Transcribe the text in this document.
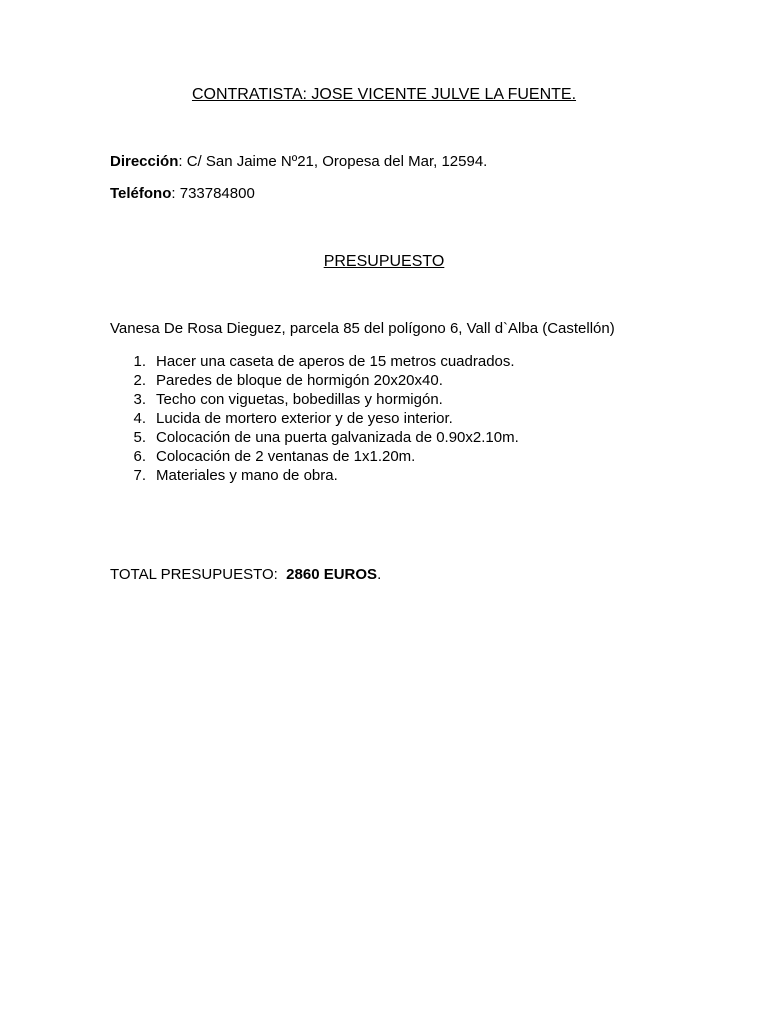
CONTRATISTA: JOSE VICENTE JULVE LA FUENTE.
Dirección: C/ San Jaime Nº21, Oropesa del Mar, 12594.
Teléfono: 733784800
PRESUPUESTO
Vanesa De Rosa Dieguez, parcela 85 del polígono 6, Vall d`Alba (Castellón)
1. Hacer una caseta de aperos de 15 metros cuadrados.
2. Paredes de bloque de hormigón 20x20x40.
3. Techo con viguetas, bobedillas y hormigón.
4. Lucida de mortero exterior y de yeso interior.
5. Colocación de una puerta galvanizada de 0.90x2.10m.
6. Colocación de 2 ventanas de 1x1.20m.
7. Materiales y mano de obra.
TOTAL PRESUPUESTO: 2860 EUROS.
